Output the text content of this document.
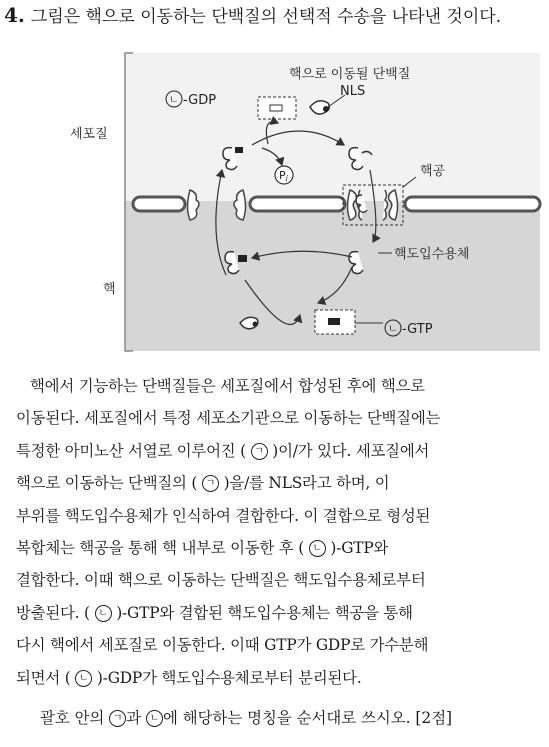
4. 그림은 핵으로 이동하는 단백질의 선택적 수송을 나타낸 것이다.
Pi
핵으로 이동될 단백질
NLS
ㄴ -GDP
핵공
핵도입수용체
ㄴ -GTP
세포질
핵
핵에서 기능하는 단백질들은 세포질에서 합성된 후에 핵으로
이동된다. 세포질에서 특정 세포소기관으로 이동하는 단백질에는
특정한 아미노산 서열로 이루어진 ( ㄱ )이/가 있다. 세포질에서
핵으로 이동하는 단백질의 ( ㄱ )을/를 NLS라고 하며, 이
부위를 핵도입수용체가 인식하여 결합한다. 이 결합으로 형성된
복합체는 핵공을 통해 핵 내부로 이동한 후 ( ㄴ )-GTP와
결합한다. 이때 핵으로 이동하는 단백질은 핵도입수용체로부터
방출된다. ( ㄴ )-GTP와 결합된 핵도입수용체는 핵공을 통해
다시 핵에서 세포질로 이동한다. 이때 GTP가 GDP로 가수분해
되면서 ( ㄴ )-GDP가 핵도입수용체로부터 분리된다.
괄호 안의 ㄱ 과 ㄴ 에 해당하는 명칭을 순서대로 쓰시오. [2점]
